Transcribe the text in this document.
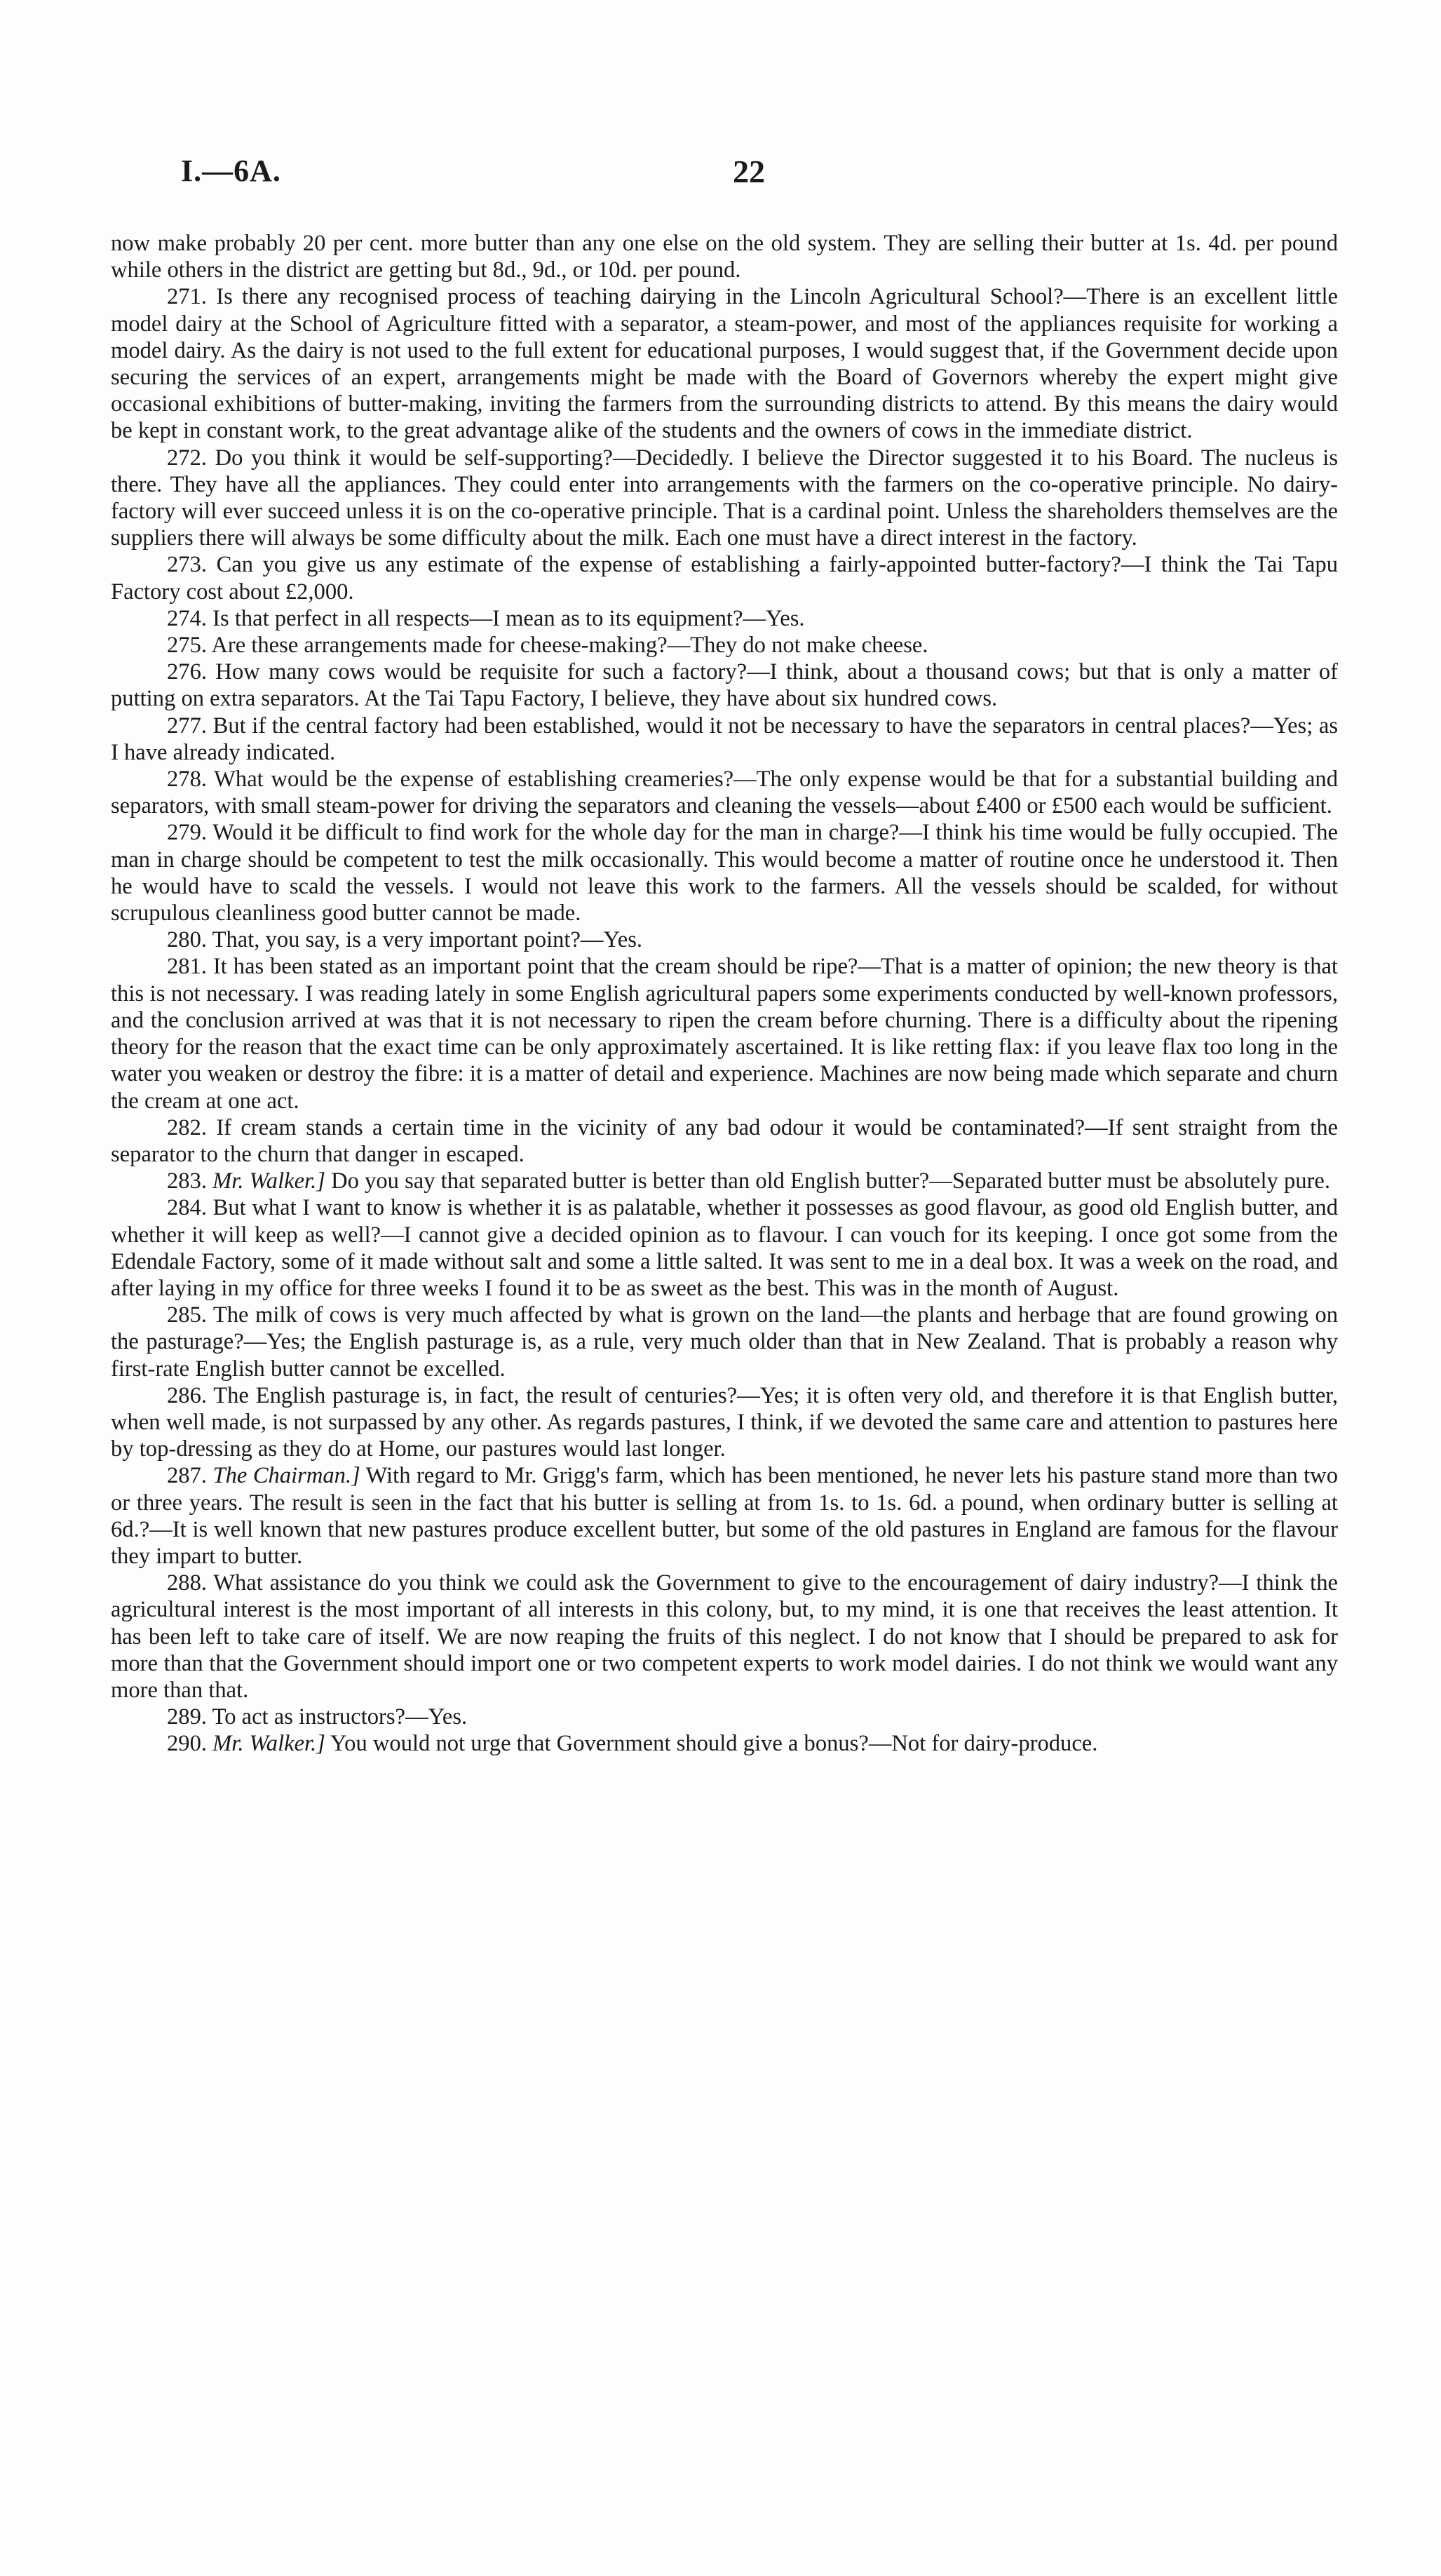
I.—6A.	22

now make probably 20 per cent. more butter than any one else on the old system. They are selling their butter at 1s. 4d. per pound while others in the district are getting but 8d., 9d., or 10d. per pound.

271. Is there any recognised process of teaching dairying in the Lincoln Agricultural School?—There is an excellent little model dairy at the School of Agriculture fitted with a separator, a steam-power, and most of the appliances requisite for working a model dairy. As the dairy is not used to the full extent for educational purposes, I would suggest that, if the Government decide upon securing the services of an expert, arrangements might be made with the Board of Governors whereby the expert might give occasional exhibitions of butter-making, inviting the farmers from the surrounding districts to attend. By this means the dairy would be kept in constant work, to the great advantage alike of the students and the owners of cows in the immediate district.

272. Do you think it would be self-supporting?—Decidedly. I believe the Director suggested it to his Board. The nucleus is there. They have all the appliances. They could enter into arrangements with the farmers on the co-operative principle. No dairy-factory will ever succeed unless it is on the co-operative principle. That is a cardinal point. Unless the shareholders themselves are the suppliers there will always be some difficulty about the milk. Each one must have a direct interest in the factory.

273. Can you give us any estimate of the expense of establishing a fairly-appointed butter-factory?—I think the Tai Tapu Factory cost about £2,000.

274. Is that perfect in all respects—I mean as to its equipment?—Yes.

275. Are these arrangements made for cheese-making?—They do not make cheese.

276. How many cows would be requisite for such a factory?—I think, about a thousand cows; but that is only a matter of putting on extra separators. At the Tai Tapu Factory, I believe, they have about six hundred cows.

277. But if the central factory had been established, would it not be necessary to have the separators in central places?—Yes; as I have already indicated.

278. What would be the expense of establishing creameries?—The only expense would be that for a substantial building and separators, with small steam-power for driving the separators and cleaning the vessels—about £400 or £500 each would be sufficient.

279. Would it be difficult to find work for the whole day for the man in charge?—I think his time would be fully occupied. The man in charge should be competent to test the milk occasionally. This would become a matter of routine once he understood it. Then he would have to scald the vessels. I would not leave this work to the farmers. All the vessels should be scalded, for without scrupulous cleanliness good butter cannot be made.

280. That, you say, is a very important point?—Yes.

281. It has been stated as an important point that the cream should be ripe?—That is a matter of opinion; the new theory is that this is not necessary. I was reading lately in some English agricultural papers some experiments conducted by well-known professors, and the conclusion arrived at was that it is not necessary to ripen the cream before churning. There is a difficulty about the ripening theory for the reason that the exact time can be only approximately ascertained. It is like retting flax: if you leave flax too long in the water you weaken or destroy the fibre: it is a matter of detail and experience. Machines are now being made which separate and churn the cream at one act.

282. If cream stands a certain time in the vicinity of any bad odour it would be contaminated?—If sent straight from the separator to the churn that danger in escaped.

283. Mr. Walker.] Do you say that separated butter is better than old English butter?—Separated butter must be absolutely pure.

284. But what I want to know is whether it is as palatable, whether it possesses as good flavour, as good old English butter, and whether it will keep as well?—I cannot give a decided opinion as to flavour. I can vouch for its keeping. I once got some from the Edendale Factory, some of it made without salt and some a little salted. It was sent to me in a deal box. It was a week on the road, and after laying in my office for three weeks I found it to be as sweet as the best. This was in the month of August.

285. The milk of cows is very much affected by what is grown on the land—the plants and herbage that are found growing on the pasturage?—Yes; the English pasturage is, as a rule, very much older than that in New Zealand. That is probably a reason why first-rate English butter cannot be excelled.

286. The English pasturage is, in fact, the result of centuries?—Yes; it is often very old, and therefore it is that English butter, when well made, is not surpassed by any other. As regards pastures, I think, if we devoted the same care and attention to pastures here by top-dressing as they do at Home, our pastures would last longer.

287. The Chairman.] With regard to Mr. Grigg's farm, which has been mentioned, he never lets his pasture stand more than two or three years. The result is seen in the fact that his butter is selling at from 1s. to 1s. 6d. a pound, when ordinary butter is selling at 6d.?—It is well known that new pastures produce excellent butter, but some of the old pastures in England are famous for the flavour they impart to butter.

288. What assistance do you think we could ask the Government to give to the encouragement of dairy industry?—I think the agricultural interest is the most important of all interests in this colony, but, to my mind, it is one that receives the least attention. It has been left to take care of itself. We are now reaping the fruits of this neglect. I do not know that I should be prepared to ask for more than that the Government should import one or two competent experts to work model dairies. I do not think we would want any more than that.

289. To act as instructors?—Yes.

290. Mr. Walker.] You would not urge that Government should give a bonus?—Not for dairy-produce.
